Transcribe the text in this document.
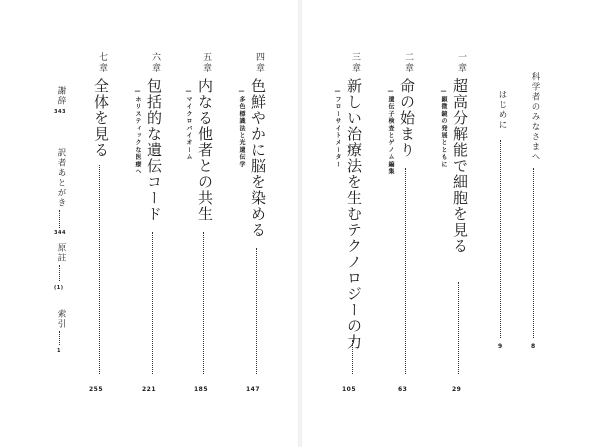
四章
色鮮やかに脳を染める
—多色標識法と光遺伝学
147
五章
内なる他者との共生
—マイクロバイオーム
185
六章
包括的な遺伝コード
—ホリスティックな医療へ
221
七章
全体を見る
255
謝辞
343
訳者あとがき
344
原註
(1)
索引
1
科学者のみなさまへ
8
はじめに
9
一章
超高分解能で細胞を見る
—顕微鏡の発展とともに
29
二章
命の始まり
—遺伝子検査とゲノム編集
63
三章
新しい治療法を生むテクノロジーの力
—フローサイトメーター
105
